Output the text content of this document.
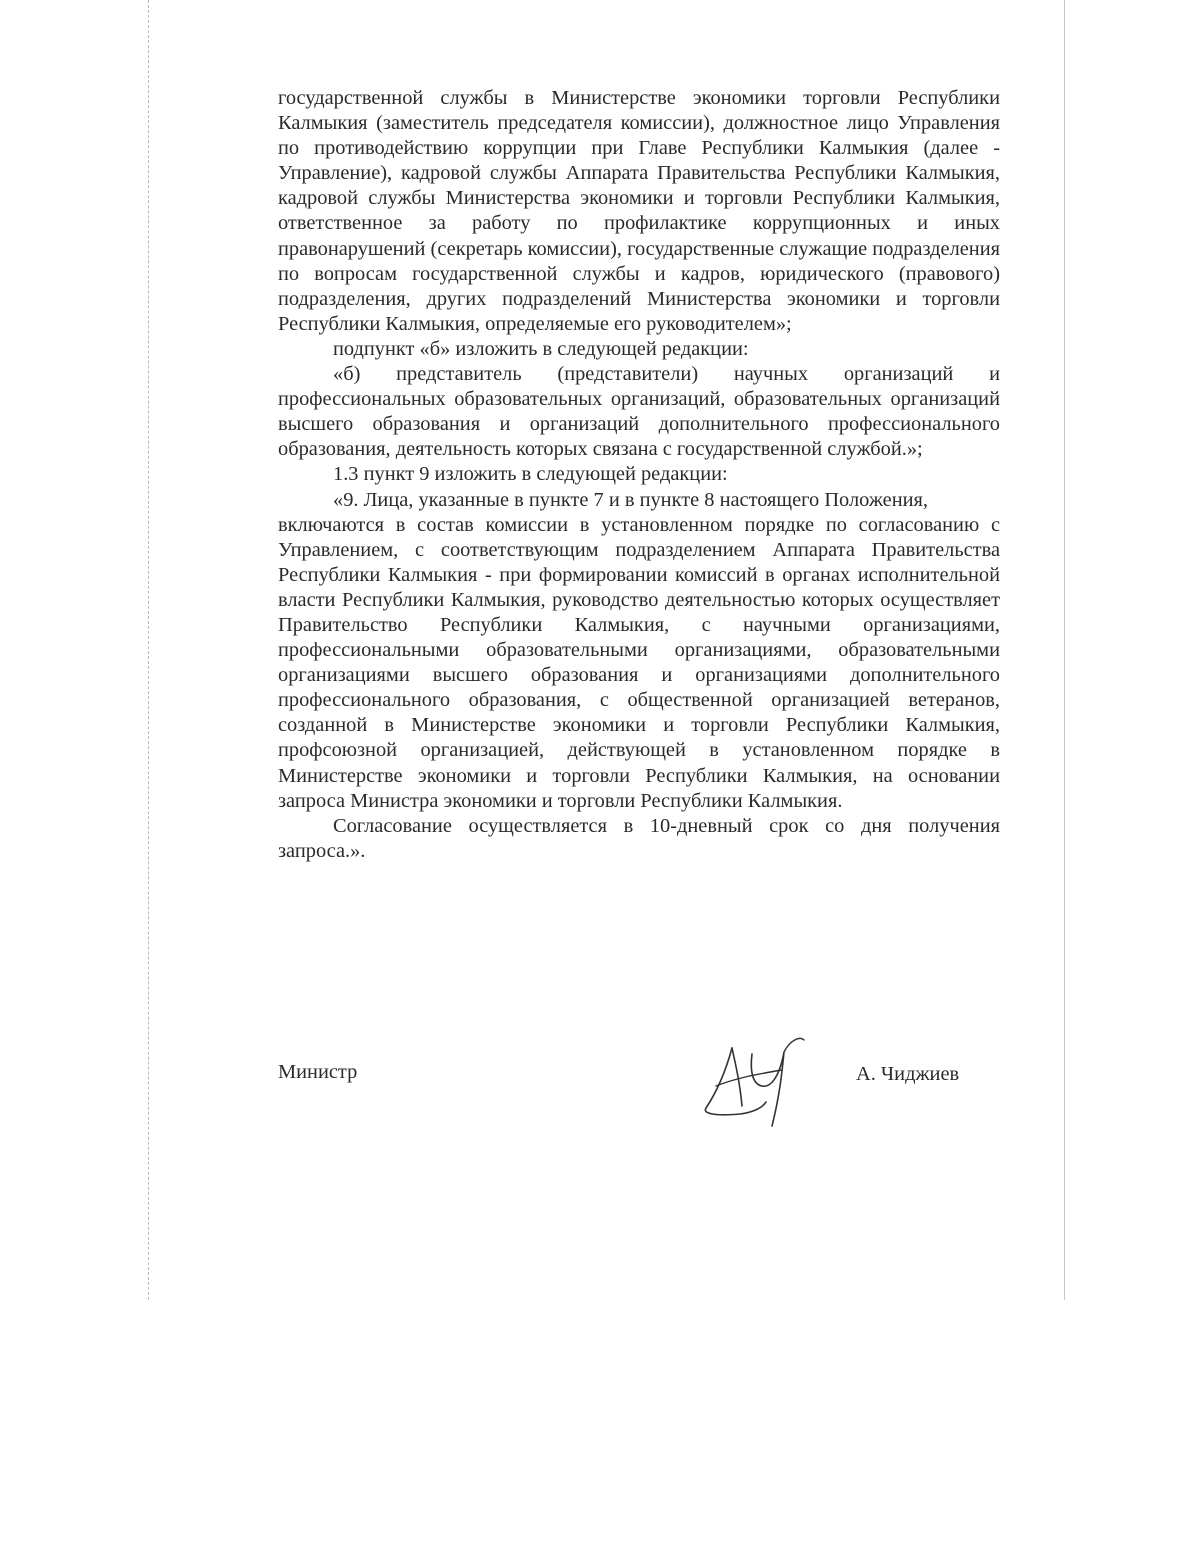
государственной службы в Министерстве экономики торговли Республики Калмыкия (заместитель председателя комиссии), должностное лицо Управления по противодействию коррупции при Главе Республики Калмыкия (далее - Управление), кадровой службы Аппарата Правительства Республики Калмыкия, кадровой службы Министерства экономики и торговли Республики Калмыкия, ответственное за работу по профилактике коррупционных и иных правонарушений (секретарь комиссии), государственные служащие подразделения по вопросам государственной службы и кадров, юридического (правового) подразделения, других подразделений Министерства экономики и торговли Республики Калмыкия, определяемые его руководителем»;

подпункт «б» изложить в следующей редакции:

«б) представитель (представители) научных организаций и профессиональных образовательных организаций, образовательных организаций высшего образования и организаций дополнительного профессионального образования, деятельность которых связана с государственной службой.»;

1.3 пункт 9 изложить в следующей редакции:

«9. Лица, указанные в пункте 7 и в пункте 8 настоящего Положения,

включаются в состав комиссии в установленном порядке по согласованию с Управлением, с соответствующим подразделением Аппарата Правительства Республики Калмыкия - при формировании комиссий в органах исполнительной власти Республики Калмыкия, руководство деятельностью которых осуществляет Правительство Республики Калмыкия, с научными организациями, профессиональными образовательными организациями, образовательными организациями высшего образования и организациями дополнительного профессионального образования, с общественной организацией ветеранов, созданной в Министерстве экономики и торговли Республики Калмыкия, профсоюзной организацией, действующей в установленном порядке в Министерстве экономики и торговли Республики Калмыкия, на основании запроса Министра экономики и торговли Республики Калмыкия.

Согласование осуществляется в 10-дневный срок со дня получения запроса.».

Министр	А. Чиджиев
